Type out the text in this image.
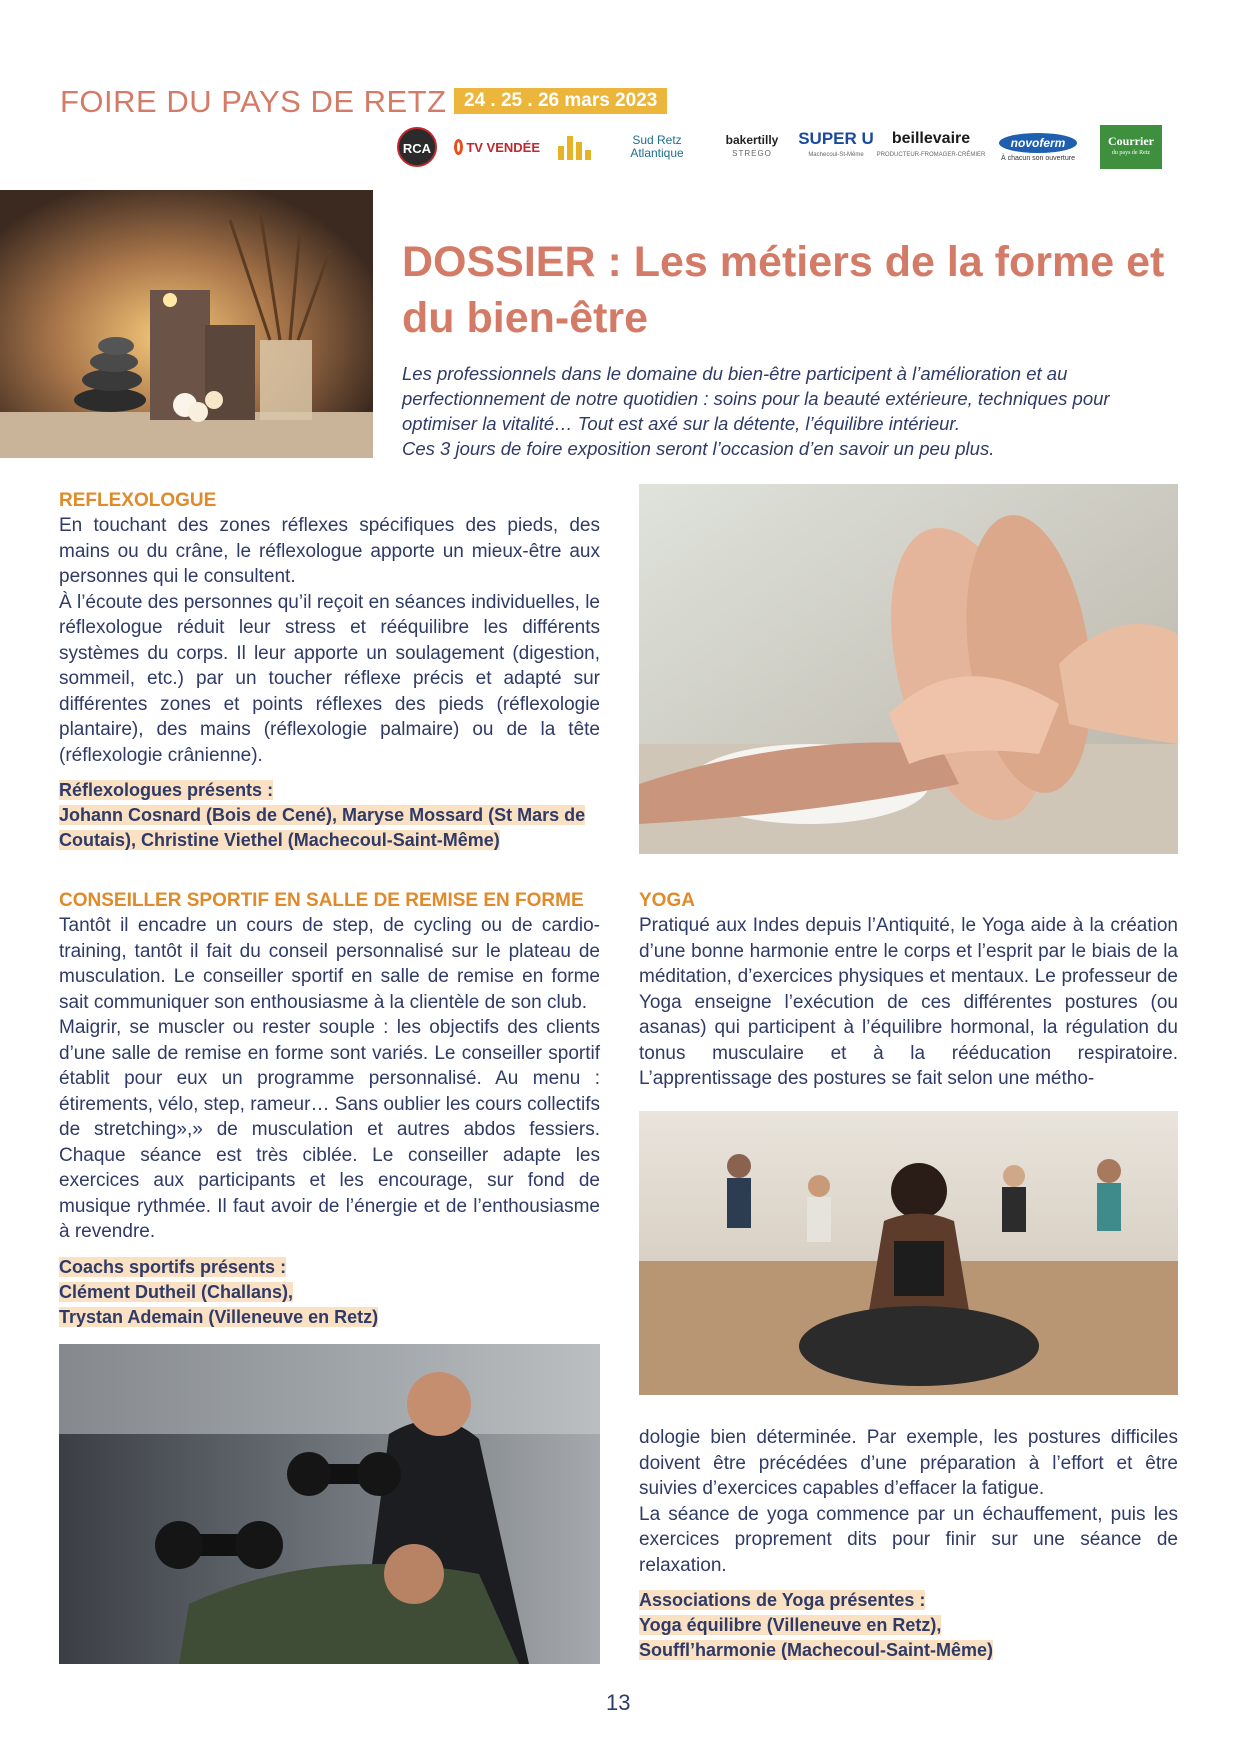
FOIRE DU PAYS DE RETZ 24 . 25 . 26 mars 2023
RCA	TV VENDÉE	Sud Retz
Atlantique
bakertilly
STREGO
SUPER U
Machecoul-St-Même
beillevaire
PRODUCTEUR-FROMAGER-CRÉMIER
novoferm
À chacun son ouverture
Courrier
du pays de Retz
DOSSIER : Les métiers de la forme et du bien-être

Les professionnels dans le domaine du bien-être participent à l’amélioration et au perfectionnement de notre quotidien : soins pour la beauté extérieure, techniques pour optimiser la vitalité… Tout est axé sur la détente, l’équilibre intérieur.

Ces 3 jours de foire exposition seront l’occasion d’en savoir un peu plus.

REFLEXOLOGUE

En touchant des zones réflexes spécifiques des pieds, des mains ou du crâne, le réflexologue apporte un mieux-être aux personnes qui le consultent.

À l’écoute des personnes qu’il reçoit en séances individuelles, le réflexologue réduit leur stress et rééquilibre les différents systèmes du corps. Il leur apporte un soulagement (digestion, sommeil, etc.) par un toucher réflexe précis et adapté sur différentes zones et points réflexes des pieds (réflexologie plantaire), des mains (réflexologie palmaire) ou de la tête (réflexologie crânienne).

Réflexologues présents :
Johann Cosnard (Bois de Cené), Maryse Mossard (St Mars de Coutais), Christine Viethel (Machecoul-Saint-Même)
CONSEILLER SPORTIF EN SALLE DE REMISE EN FORME

Tantôt il encadre un cours de step, de cycling ou de cardio-training, tantôt il fait du conseil personnalisé sur le plateau de musculation. Le conseiller sportif en salle de remise en forme sait communiquer son enthousiasme à la clientèle de son club.

Maigrir, se muscler ou rester souple : les objectifs des clients d’une salle de remise en forme sont variés. Le conseiller sportif établit pour eux un programme personnalisé. Au menu : étirements, vélo, step, rameur… Sans oublier les cours collectifs de stretching»,» de musculation et autres abdos fessiers. Chaque séance est très ciblée. Le conseiller adapte les exercices aux participants et les encourage, sur fond de musique rythmée. Il faut avoir de l’énergie et de l’enthousiasme à revendre.

Coachs sportifs présents :
Clément Dutheil (Challans),
Trystan Ademain (Villeneuve en Retz)
YOGA

Pratiqué aux Indes depuis l’Antiquité, le Yoga aide à la création d’une bonne harmonie entre le corps et l’esprit par le biais de la méditation, d’exercices physiques et mentaux. Le professeur de Yoga enseigne l’exécution de ces différentes postures (ou asanas) qui participent à l’équilibre hormonal, la régulation du tonus musculaire et à la rééducation respiratoire. L’apprentissage des postures se fait selon une métho-

dologie bien déterminée. Par exemple, les postures difficiles doivent être précédées d’une préparation à l’effort et être suivies d’exercices capables d’effacer la fatigue.

La séance de yoga commence par un échauffement, puis les exercices proprement dits pour finir sur une séance de relaxation.

Associations de Yoga présentes :
Yoga équilibre (Villeneuve en Retz),
Souffl’harmonie (Machecoul-Saint-Même)
13
